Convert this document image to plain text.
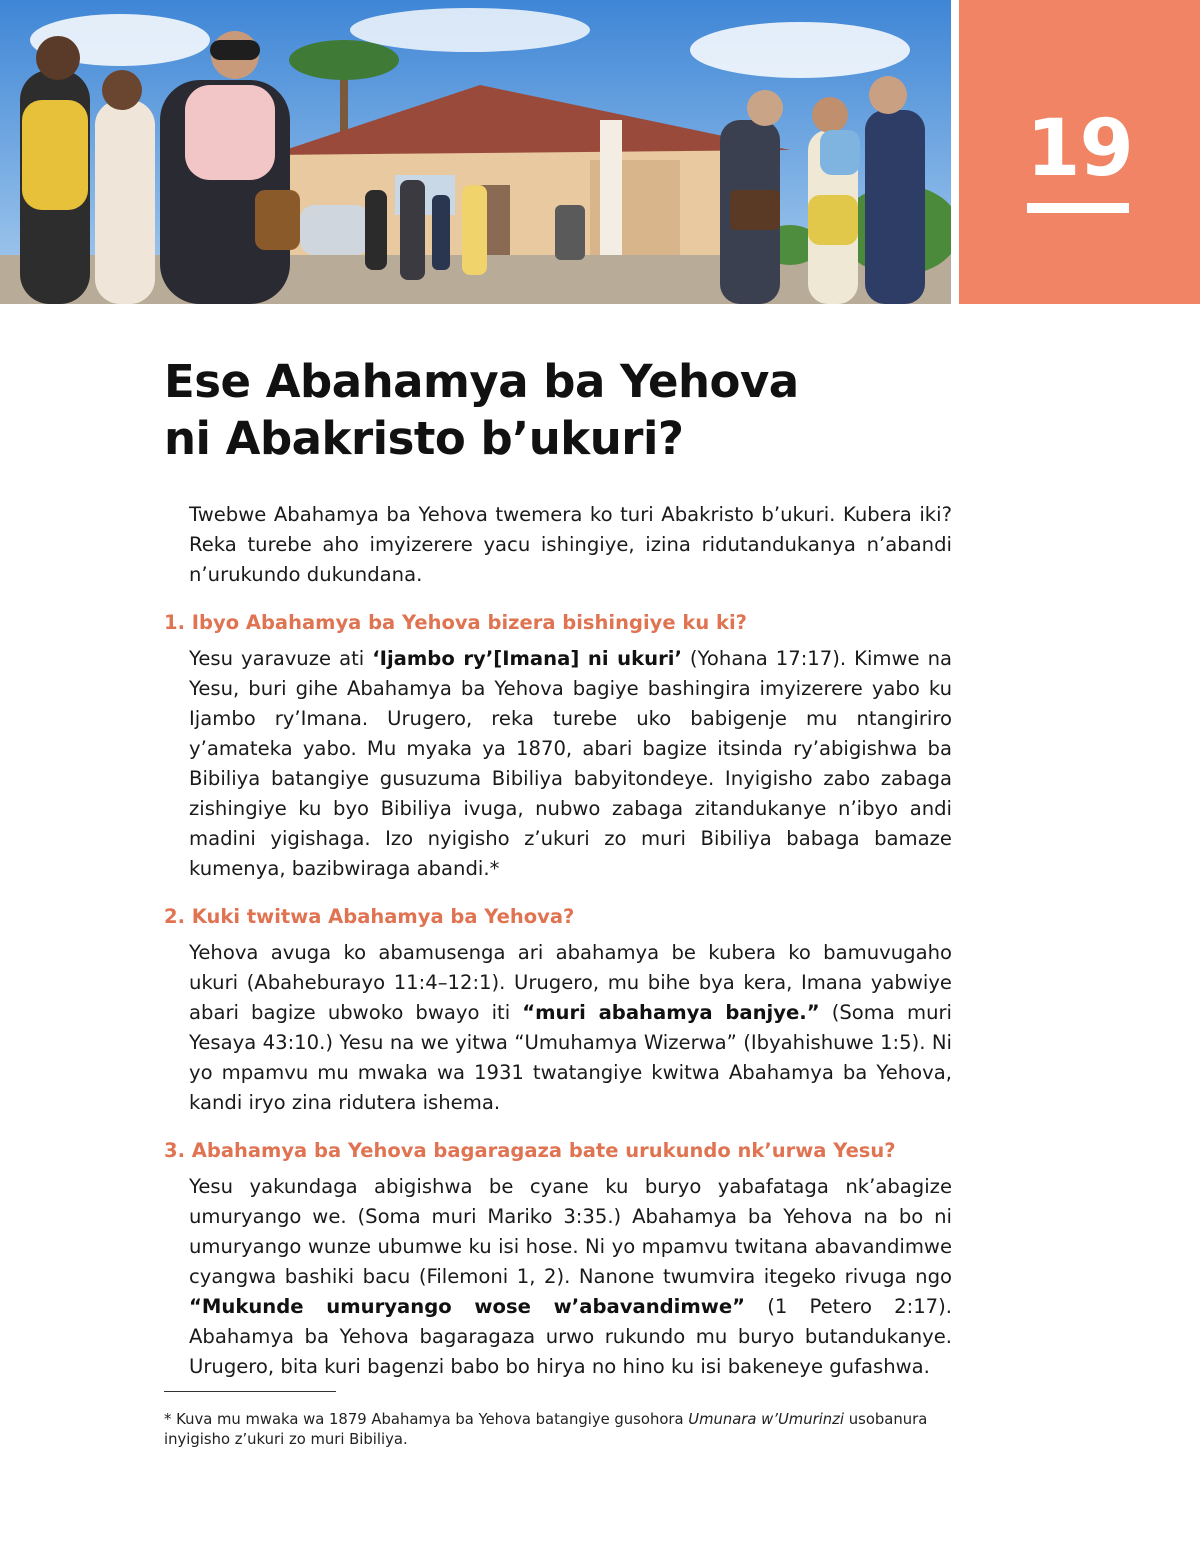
19
Ese Abahamya ba Yehova
ni Abakristo b’ukuri?

Twebwe Abahamya ba Yehova twemera ko turi Abakristo b’ukuri. Kubera iki? Reka turebe aho imyizerere yacu ishingiye, izina ridutandukanya n’abandi n’urukundo dukundana.

1. Ibyo Abahamya ba Yehova bizera bishingiye ku ki?

Yesu yaravuze ati ‘Ijambo ry’[Imana] ni ukuri’ (Yohana 17:17). Kimwe na Yesu, buri gihe Abahamya ba Yehova bagiye bashingira imyizerere yabo ku Ijambo ry’Imana. Urugero, reka turebe uko babigenje mu ntangiriro y’amateka yabo. Mu myaka ya 1870, abari bagize itsinda ry’abigishwa ba Bibiliya batangiye gusuzuma Bibiliya babyitondeye. Inyigisho zabo zabaga zishingiye ku byo Bibiliya ivuga, nubwo zabaga zitandukanye n’ibyo andi madini yigishaga. Izo nyigisho z’ukuri zo muri Bibiliya babaga bamaze kumenya, bazibwiraga abandi.*

2. Kuki twitwa Abahamya ba Yehova?

Yehova avuga ko abamusenga ari abahamya be kubera ko bamuvugaho ukuri (Abaheburayo 11:4–12:1). Urugero, mu bihe bya kera, Imana yabwiye abari bagize ubwoko bwayo iti “muri abahamya banjye.” (Soma muri Yesaya 43:10.) Yesu na we yitwa “Umuhamya Wizerwa” (Ibyahishuwe 1:5). Ni yo mpamvu mu mwaka wa 1931 twatangiye kwitwa Abahamya ba Yehova, kandi iryo zina ridutera ishema.

3. Abahamya ba Yehova bagaragaza bate urukundo nk’urwa Yesu?

Yesu yakundaga abigishwa be cyane ku buryo yabafataga nk’abagize umuryango we. (Soma muri Mariko 3:35.) Abahamya ba Yehova na bo ni umuryango wunze ubumwe ku isi hose. Ni yo mpamvu twitana abavandimwe cyangwa bashiki bacu (Filemoni 1, 2). Nanone twumvira itegeko rivuga ngo “Mukunde umuryango wose w’abavandimwe” (1 Petero 2:17). Abahamya ba Yehova bagaragaza urwo rukundo mu buryo butandukanye. Urugero, bita kuri bagenzi babo bo hirya no hino ku isi bakeneye gufashwa.

* Kuva mu mwaka wa 1879 Abahamya ba Yehova batangiye gusohora Umunara w’Umurinzi usobanura inyigisho z’ukuri zo muri Bibiliya.
